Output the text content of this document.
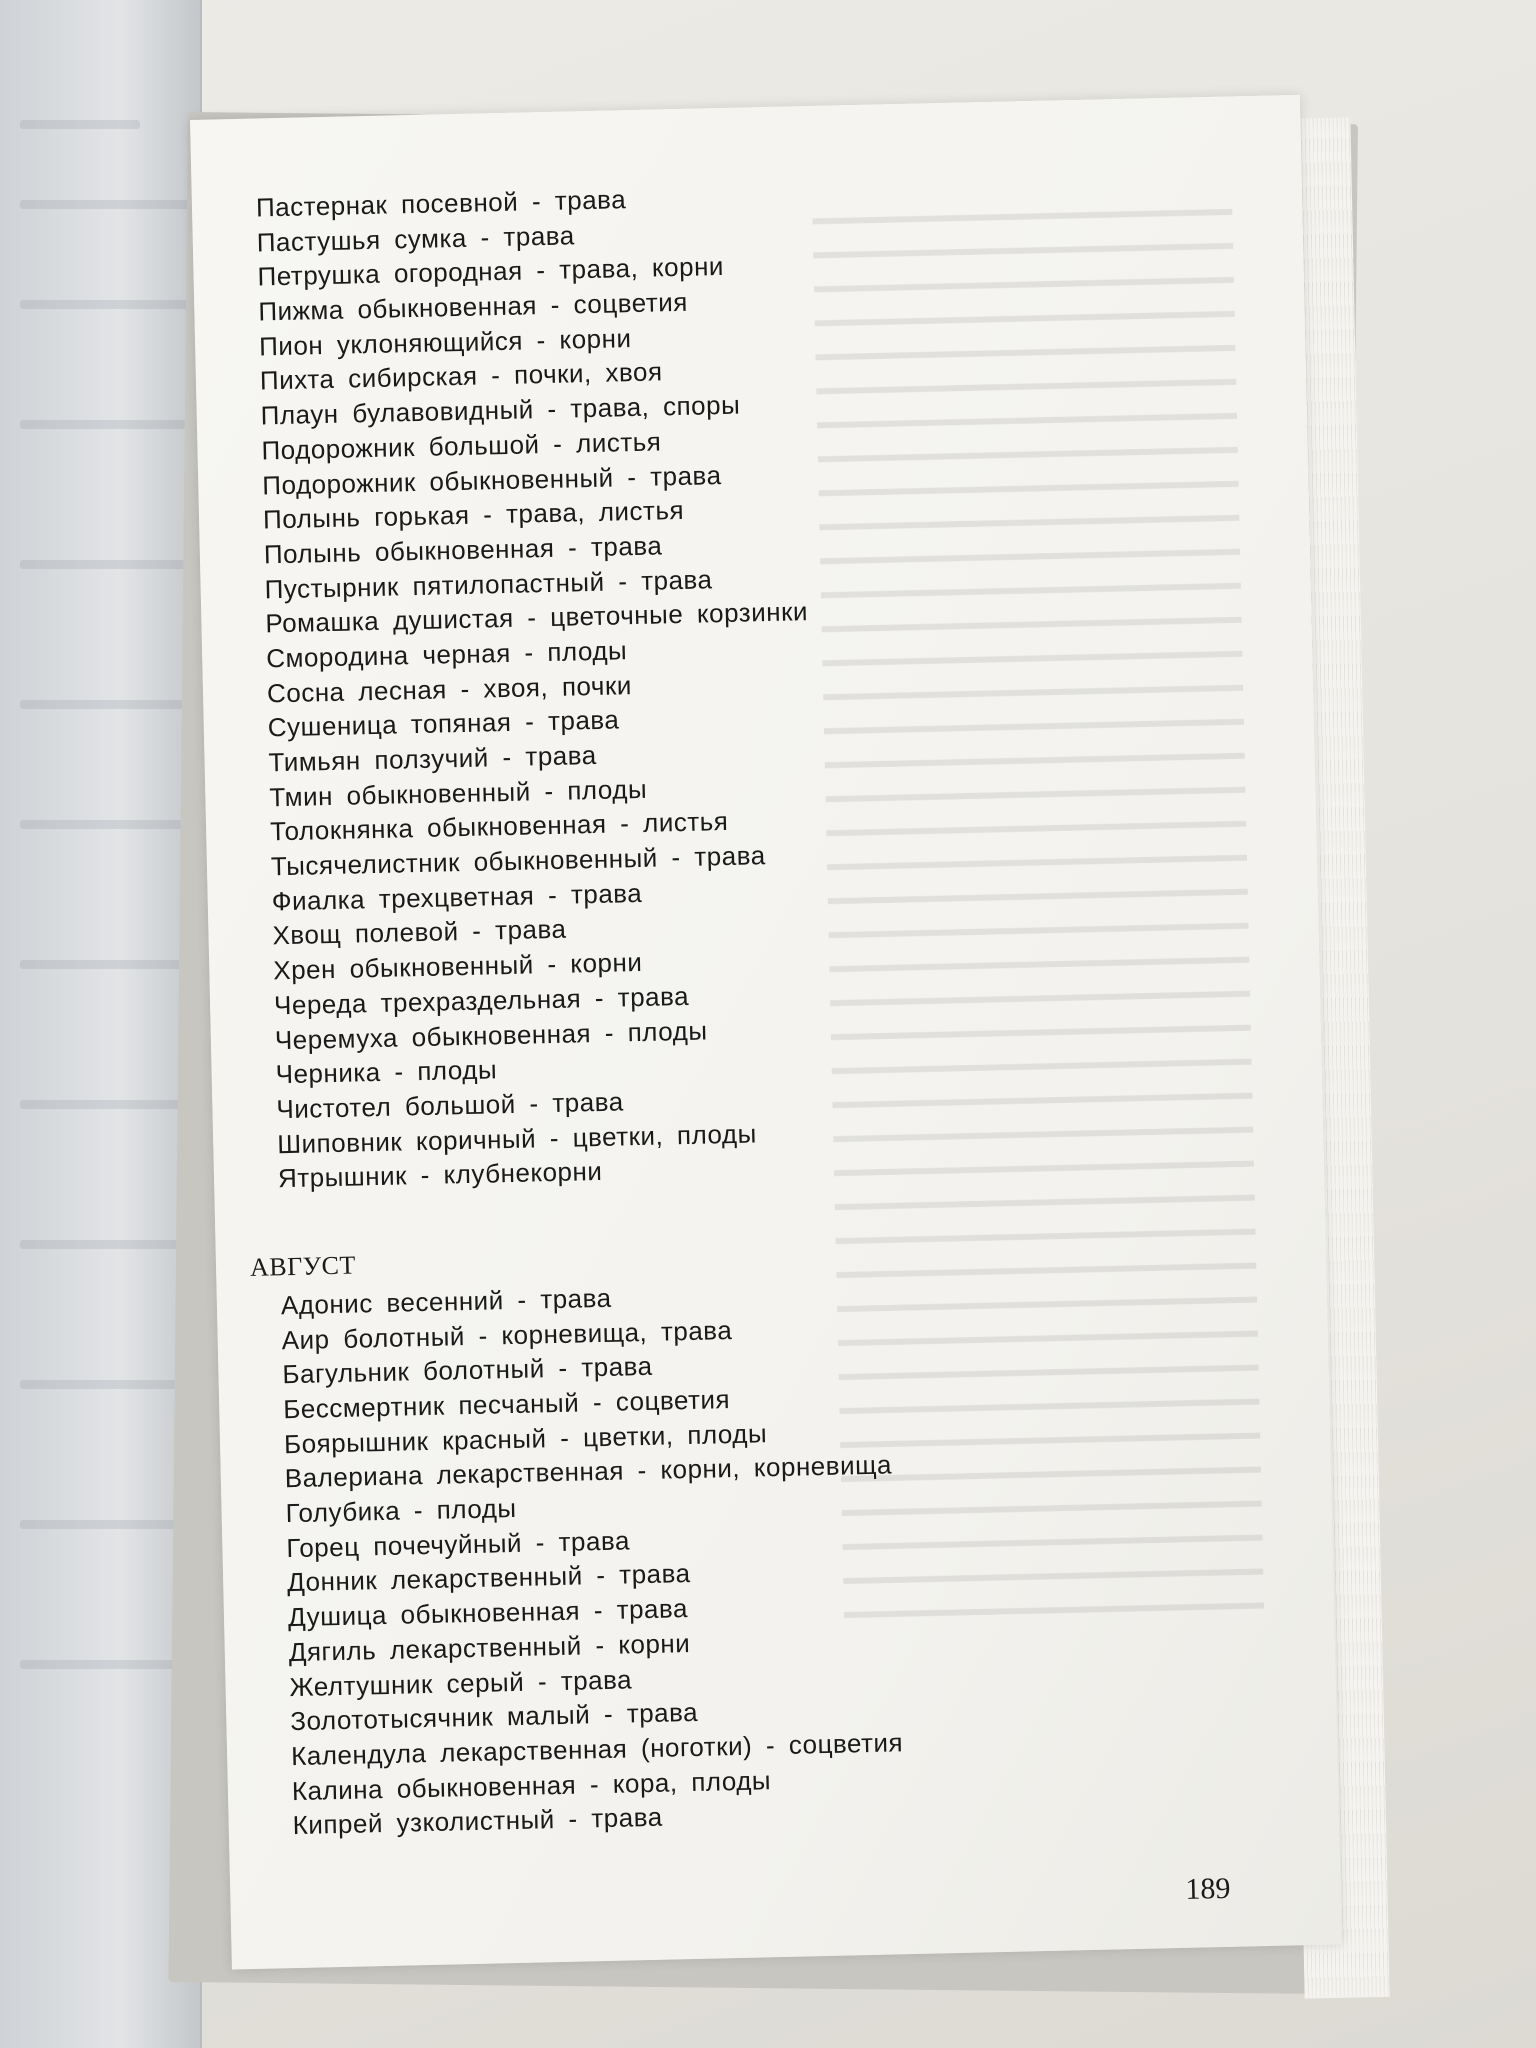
Пастернак посевной - трава
Пастушья сумка - трава
Петрушка огородная - трава, корни
Пижма обыкновенная - соцветия
Пион уклоняющийся - корни
Пихта сибирская - почки, хвоя
Плаун булавовидный - трава, споры
Подорожник большой - листья
Подорожник обыкновенный - трава
Полынь горькая - трава, листья
Полынь обыкновенная - трава
Пустырник пятилопастный - трава
Ромашка душистая - цветочные корзинки
Смородина черная - плоды
Сосна лесная - хвоя, почки
Сушеница топяная - трава
Тимьян ползучий - трава
Тмин обыкновенный - плоды
Толокнянка обыкновенная - листья
Тысячелистник обыкновенный - трава
Фиалка трехцветная - трава
Хвощ полевой - трава
Хрен обыкновенный - корни
Череда трехраздельная - трава
Черемуха обыкновенная - плоды
Черника - плоды
Чистотел большой - трава
Шиповник коричный - цветки, плоды
Ятрышник - клубнекорни
АВГУСТ
Адонис весенний - трава
Аир болотный - корневища, трава
Багульник болотный - трава
Бессмертник песчаный - соцветия
Боярышник красный - цветки, плоды
Валериана лекарственная - корни, корневища
Голубика - плоды
Горец почечуйный - трава
Донник лекарственный - трава
Душица обыкновенная - трава
Дягиль лекарственный - корни
Желтушник серый - трава
Золототысячник малый - трава
Календула лекарственная (ноготки) - соцветия
Калина обыкновенная - кора, плоды
Кипрей узколистный - трава
189
